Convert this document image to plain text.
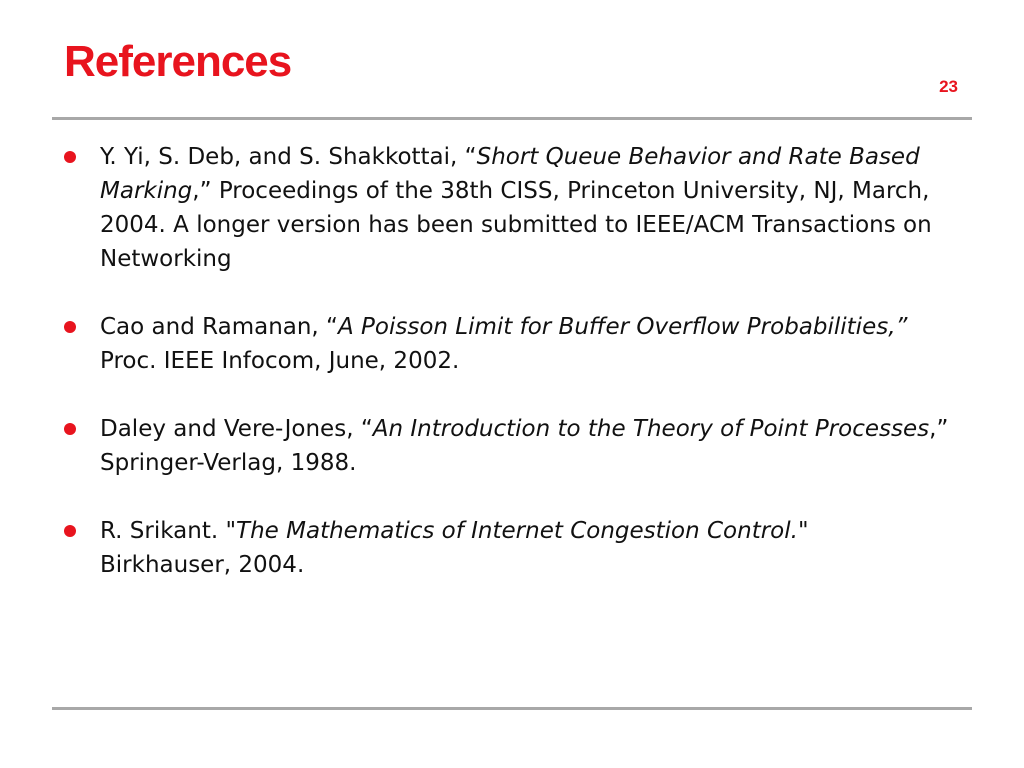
References
23
Y. Yi, S. Deb, and S. Shakkottai, “Short Queue Behavior and Rate Based Marking,” Proceedings of the 38th CISS, Princeton University, NJ, March, 2004. A longer version has been submitted to IEEE/ACM Transactions on Networking
Cao and Ramanan, “A Poisson Limit for Buffer Overflow Probabilities,”  Proc. IEEE Infocom, June, 2002.
Daley and Vere-Jones, “An Introduction to the Theory of Point Processes,” Springer-Verlag, 1988.
R. Srikant. "The Mathematics of Internet Congestion Control."
Birkhauser, 2004.
